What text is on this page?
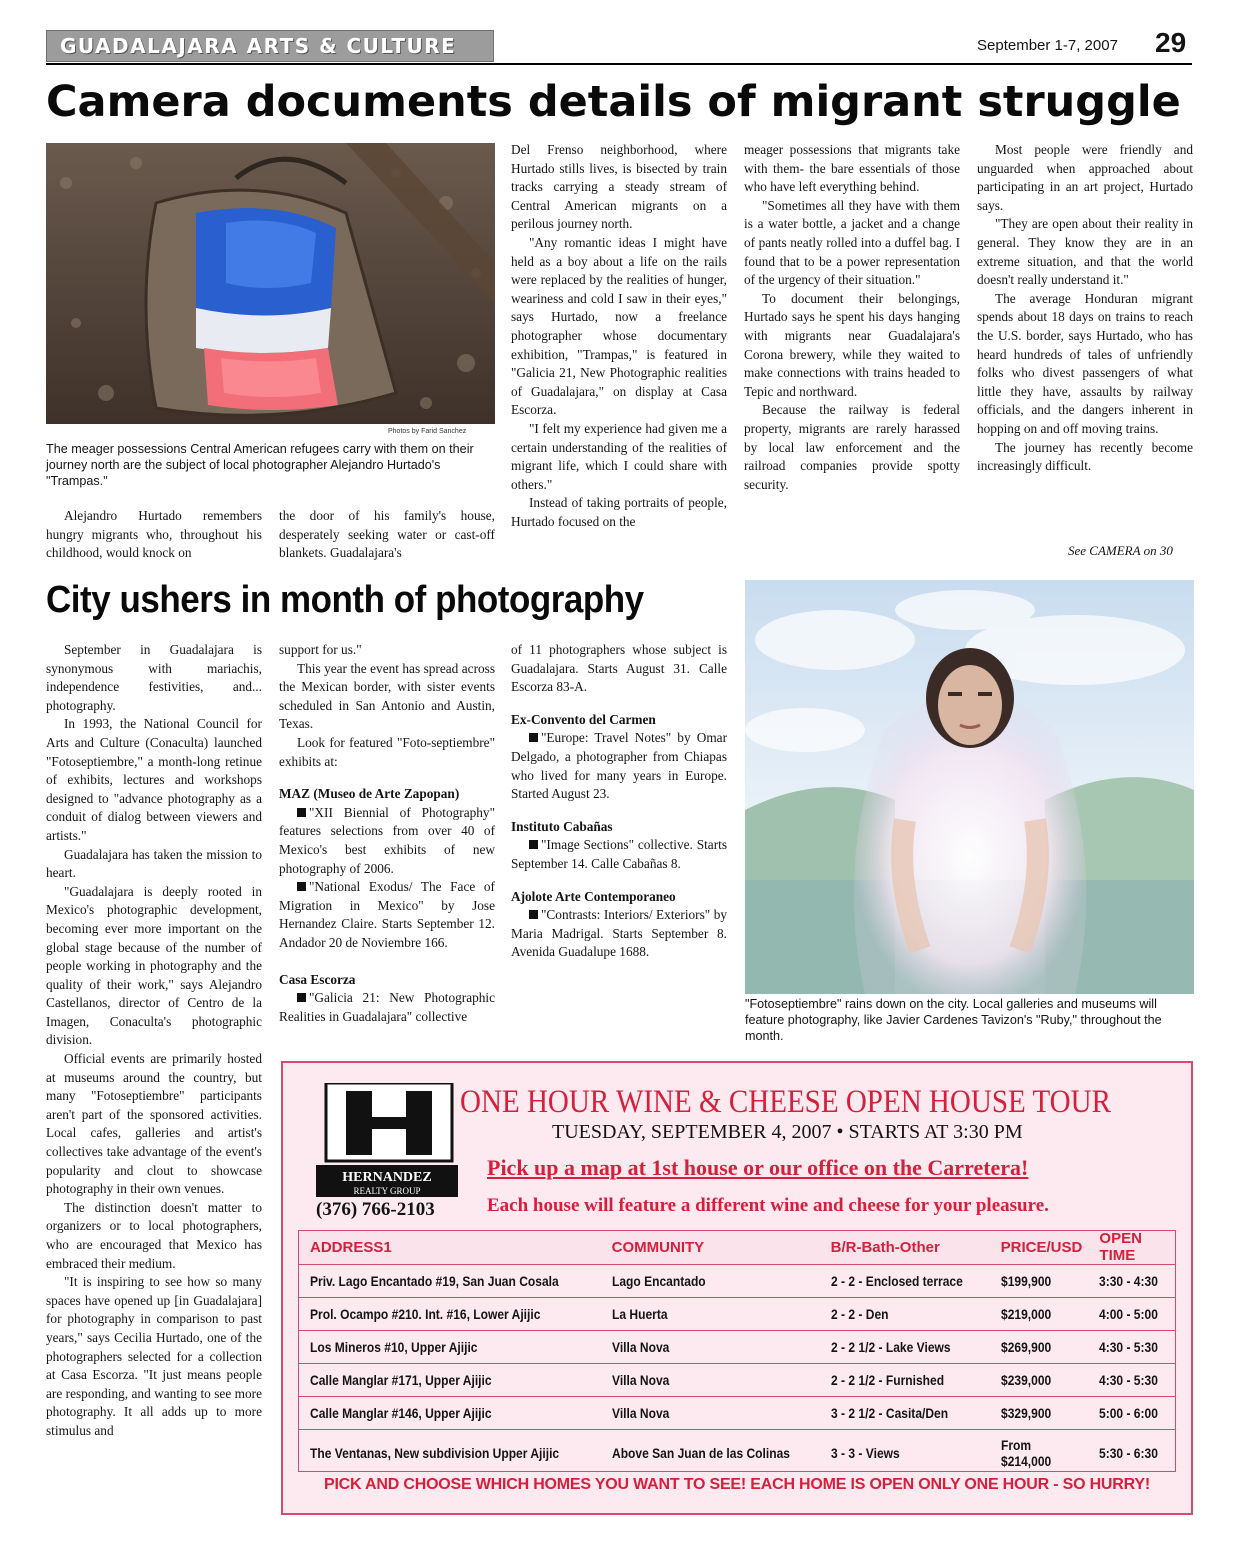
GUADALAJARA ARTS & CULTURE	September 1-7, 2007	29
Camera documents details of migrant struggle
Photos by Farid Sanchez
The meager possessions Central American refugees carry with them on their journey north are the subject of local photographer Alejandro Hurtado's "Trampas."

Alejandro Hurtado remembers hungry migrants who, throughout his childhood, would knock on

the door of his family's house, desperately seeking water or cast-off blankets. Guadalajara's

Del Frenso neighborhood, where Hurtado stills lives, is bisected by train tracks carrying a steady stream of Central American migrants on a perilous journey north.

"Any romantic ideas I might have held as a boy about a life on the rails were replaced by the realities of hunger, weariness and cold I saw in their eyes," says Hurtado, now a freelance photographer whose documentary exhibition, "Trampas," is featured in "Galicia 21, New Photographic realities of Guadalajara," on display at Casa Escorza.

"I felt my experience had given me a certain understanding of the realities of migrant life, which I could share with others."

Instead of taking portraits of people, Hurtado focused on the

meager possessions that migrants take with them- the bare essentials of those who have left everything behind.

"Sometimes all they have with them is a water bottle, a jacket and a change of pants neatly rolled into a duffel bag. I found that to be a power representation of the urgency of their situation."

To document their belongings, Hurtado says he spent his days hanging with migrants near Guadalajara's Corona brewery, while they waited to make connections with trains headed to Tepic and northward.

Because the railway is federal property, migrants are rarely harassed by local law enforcement and the railroad companies provide spotty security.

Most people were friendly and unguarded when approached about participating in an art project, Hurtado says.

"They are open about their reality in general. They know they are in an extreme situation, and that the world doesn't really understand it."

The average Honduran migrant spends about 18 days on trains to reach the U.S. border, says Hurtado, who has heard hundreds of tales of unfriendly folks who divest passengers of what little they have, assaults by railway officials, and the dangers inherent in hopping on and off moving trains.

The journey has recently become increasingly difficult.

See CAMERA on 30
City ushers in month of photography

September in Guadalajara is synonymous with mariachis, independence festivities, and... photography.

In 1993, the National Council for Arts and Culture (Conaculta) launched "Fotoseptiembre," a month-long retinue of exhibits, lectures and workshops designed to "advance photography as a conduit of dialog between viewers and artists."

Guadalajara has taken the mission to heart.

"Guadalajara is deeply rooted in Mexico's photographic development, becoming ever more important on the global stage because of the number of people working in photography and the quality of their work," says Alejandro Castellanos, director of Centro de la Imagen, Conaculta's photographic division.

Official events are primarily hosted at museums around the country, but many "Fotoseptiembre" participants aren't part of the sponsored activities. Local cafes, galleries and artist's collectives take advantage of the event's popularity and clout to showcase photography in their own venues.

The distinction doesn't matter to organizers or to local photographers, who are encouraged that Mexico has embraced their medium.

"It is inspiring to see how so many spaces have opened up [in Guadalajara] for photography in comparison to past years," says Cecilia Hurtado, one of the photographers selected for a collection at Casa Escorza. "It just means people are responding, and wanting to see more photography. It all adds up to more stimulus and

support for us."

This year the event has spread across the Mexican border, with sister events scheduled in San Antonio and Austin, Texas.

Look for featured "Foto-septiembre" exhibits at:

MAZ (Museo de Arte Zapopan)

"XII Biennial of Photography" features selections from over 40 of Mexico's best exhibits of new photography of 2006.

"National Exodus/ The Face of Migration in Mexico" by Jose Hernandez Claire. Starts September 12. Andador 20 de Noviembre 166.

Casa Escorza

"Galicia 21: New Photographic Realities in Guadalajara" collective

of 11 photographers whose subject is Guadalajara. Starts August 31. Calle Escorza 83-A.

Ex-Convento del Carmen

"Europe: Travel Notes" by Omar Delgado, a photographer from Chiapas who lived for many years in Europe. Started August 23.

Instituto Cabañas

"Image Sections" collective. Starts September 14. Calle Cabañas 8.

Ajolote Arte Contemporaneo

"Contrasts: Interiors/ Exteriors" by Maria Madrigal. Starts September 8. Avenida Guadalupe 1688.

"Fotoseptiembre" rains down on the city. Local galleries and museums will feature photography, like Javier Cardenes Tavizon's "Ruby," throughout the month.
HERNANDEZ
REALTY GROUP
(376) 766-2103
ONE HOUR WINE & CHEESE OPEN HOUSE TOUR
TUESDAY, SEPTEMBER 4, 2007 • STARTS AT 3:30 PM
Pick up a map at 1st house or our office on the Carretera!
Each house will feature a different wine and cheese for your pleasure.
ADDRESS1	COMMUNITY	B/R-Bath-Other	PRICE/USD	OPEN TIME
Priv. Lago Encantado #19, San Juan Cosala	Lago Encantado	2 - 2 - Enclosed terrace	$199,900	3:30 - 4:30
Prol. Ocampo #210. Int. #16, Lower Ajijic	La Huerta	2 - 2 - Den	$219,000	4:00 - 5:00
Los Mineros #10, Upper Ajijic	Villa Nova	2 - 2 1/2 - Lake Views	$269,900	4:30 - 5:30
Calle Manglar #171, Upper Ajijic	Villa Nova	2 - 2 1/2 - Furnished	$239,000	4:30 - 5:30
Calle Manglar #146, Upper Ajijic	Villa Nova	3 - 2 1/2 - Casita/Den	$329,900	5:00 - 6:00
The Ventanas, New subdivision Upper Ajijic	Above San Juan de las Colinas	3 - 3 - Views	From $214,000	5:30 - 6:30
PICK AND CHOOSE WHICH HOMES YOU WANT TO SEE! EACH HOME IS OPEN ONLY ONE HOUR - SO HURRY!
